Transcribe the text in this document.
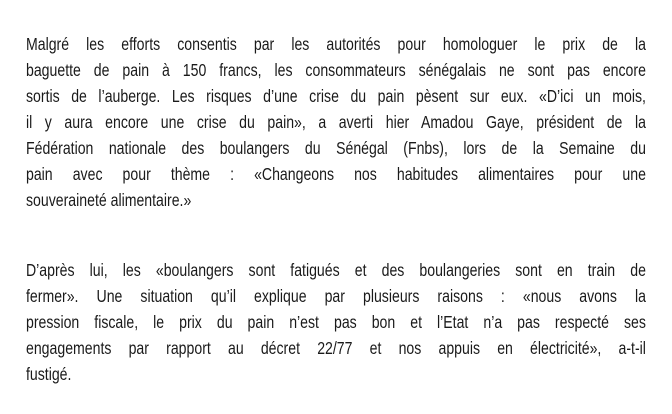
Malgré les efforts consentis par les autorités pour homologuer le prix de la

baguette de pain à 150 francs, les consommateurs sénégalais ne sont pas encore

sortis de l’auberge. Les risques d’une crise du pain pèsent sur eux. «D’ici un mois,

il y aura encore une crise du pain», a averti hier Amadou Gaye, président de la

Fédération nationale des boulangers du Sénégal (Fnbs), lors de la Semaine du

pain avec pour thème : «Changeons nos habitudes alimentaires pour une

souveraineté alimentaire.»

D’après lui, les «boulangers sont fatigués et des boulangeries sont en train de

fermer». Une situation qu’il explique par plusieurs raisons : «nous avons la

pression fiscale, le prix du pain n’est pas bon et l’Etat n’a pas respecté ses

engagements par rapport au décret 22/77 et nos appuis en électricité», a-t-il

fustigé.
